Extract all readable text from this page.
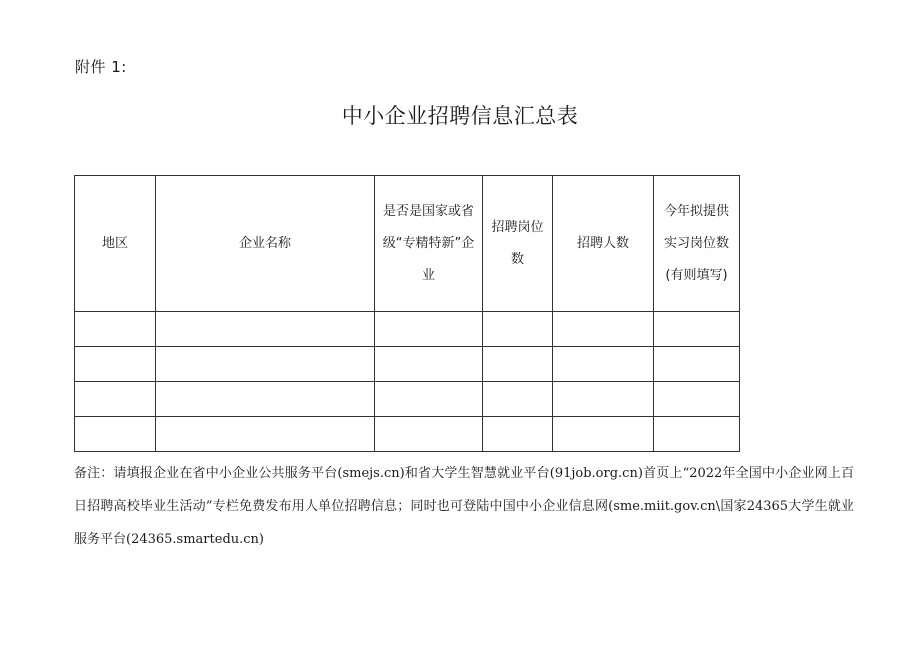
附件 1:
中小企业招聘信息汇总表
地区	企业名称	是否是国家或省级“专精特新”企业	招聘岗位数	招聘人数	今年拟提供实习岗位数(有则填写)

备注：请填报企业在省中小企业公共服务平台(smejs.cn)和省大学生智慧就业平台(91job.org.cn)首页上“2022年全国中小企业网上百日招聘高校毕业生活动”专栏免费发布用人单位招聘信息；同时也可登陆中国中小企业信息网(sme.miit.gov.cn\国家24365大学生就业服务平台(24365.smartedu.cn)
